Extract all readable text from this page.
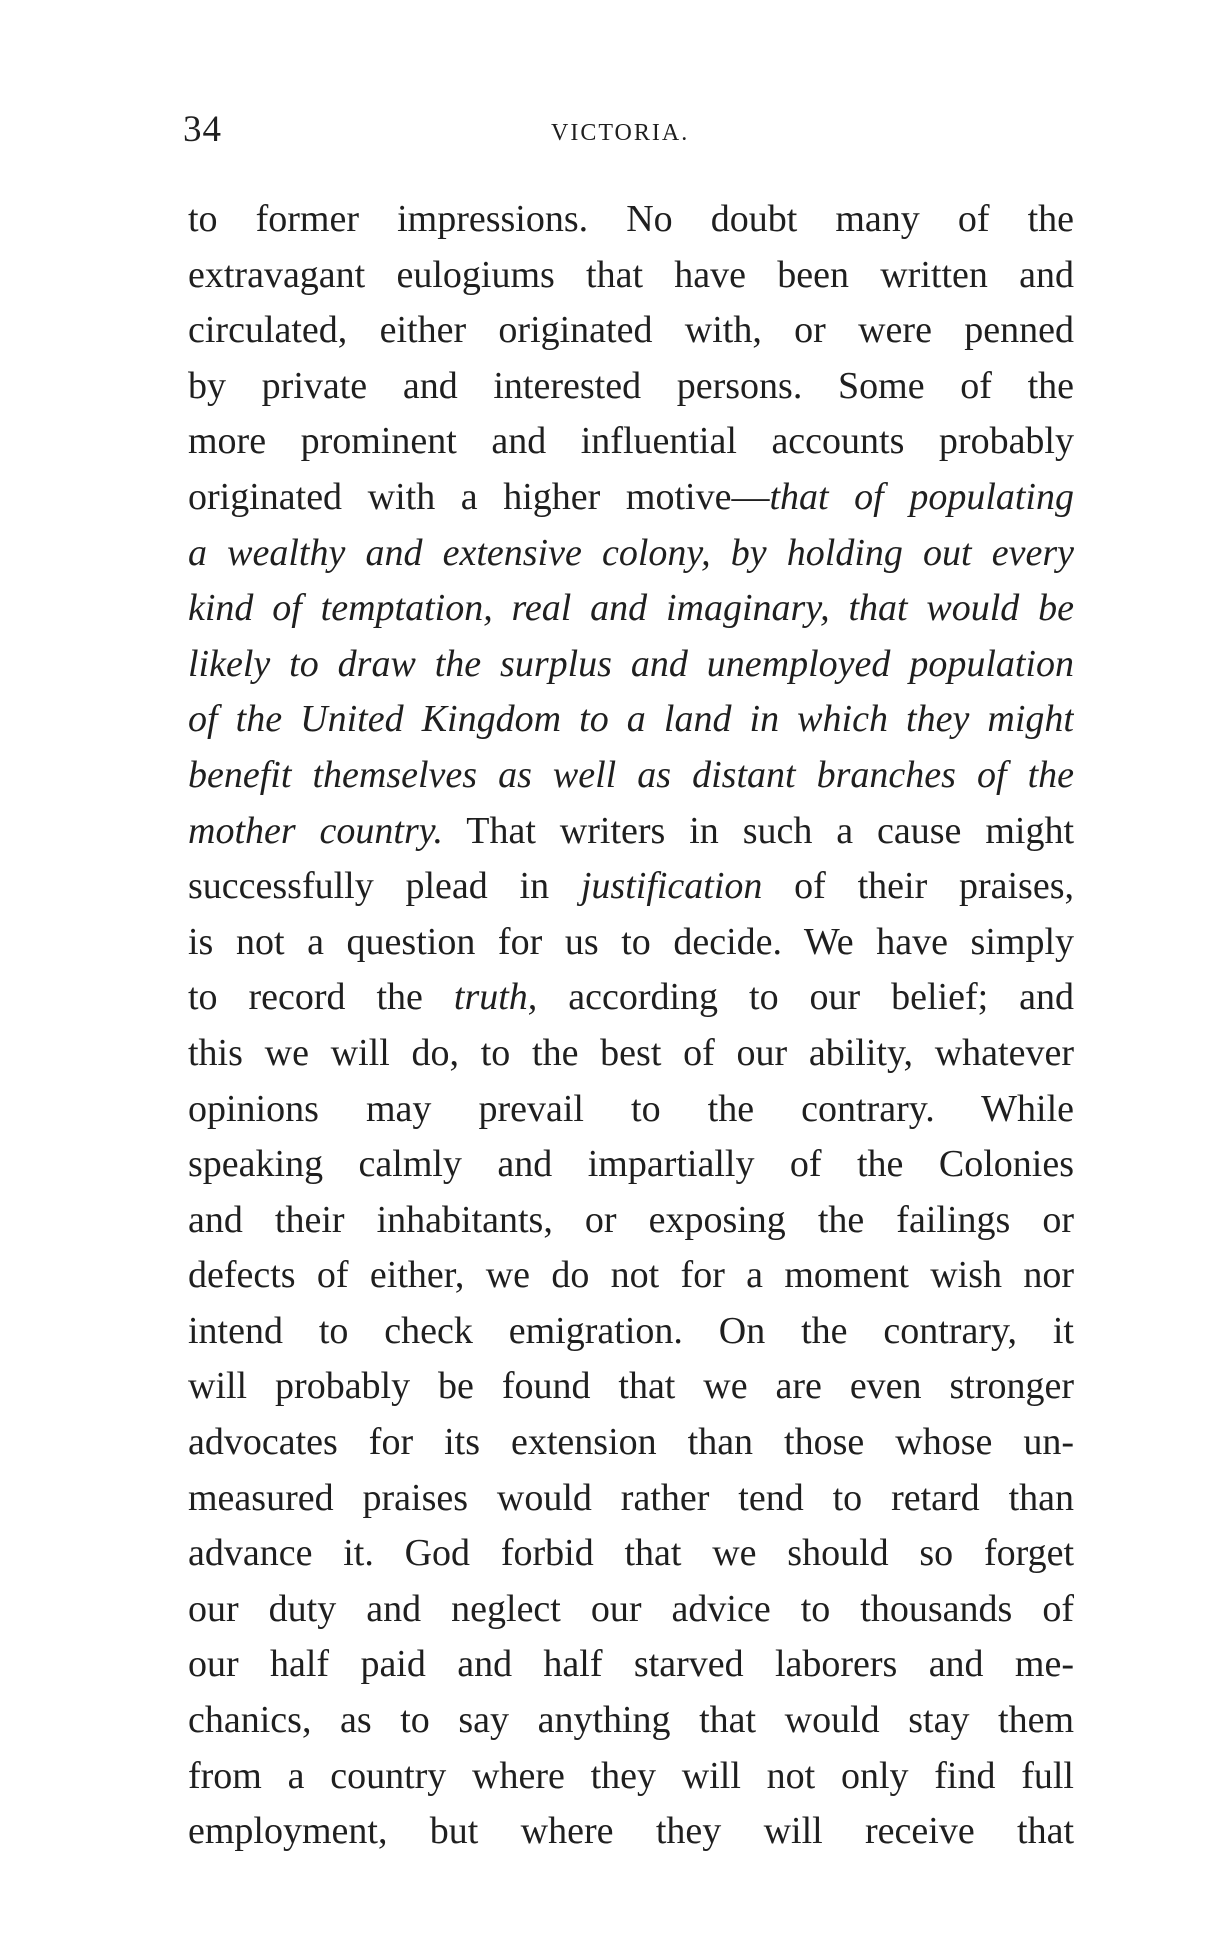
34	VICTORIA.
to former impressions. No doubt many of the
extravagant eulogiums that have been written and
circulated, either originated with, or were penned
by private and interested persons. Some of the
more prominent and influential accounts probably
originated with a higher motive—that of populating
a wealthy and extensive colony, by holding out every
kind of temptation, real and imaginary, that would be
likely to draw the surplus and unemployed population
of the United Kingdom to a land in which they might
benefit themselves as well as distant branches of the
mother country. That writers in such a cause might
successfully plead in justification of their praises,
is not a question for us to decide. We have simply
to record the truth, according to our belief; and
this we will do, to the best of our ability, whatever
opinions may prevail to the contrary. While
speaking calmly and impartially of the Colonies
and their inhabitants, or exposing the failings or
defects of either, we do not for a moment wish nor
intend to check emigration. On the contrary, it
will probably be found that we are even stronger
advocates for its extension than those whose un-
measured praises would rather tend to retard than
advance it. God forbid that we should so forget
our duty and neglect our advice to thousands of
our half paid and half starved laborers and me-
chanics, as to say anything that would stay them
from a country where they will not only find full
employment, but where they will receive that
